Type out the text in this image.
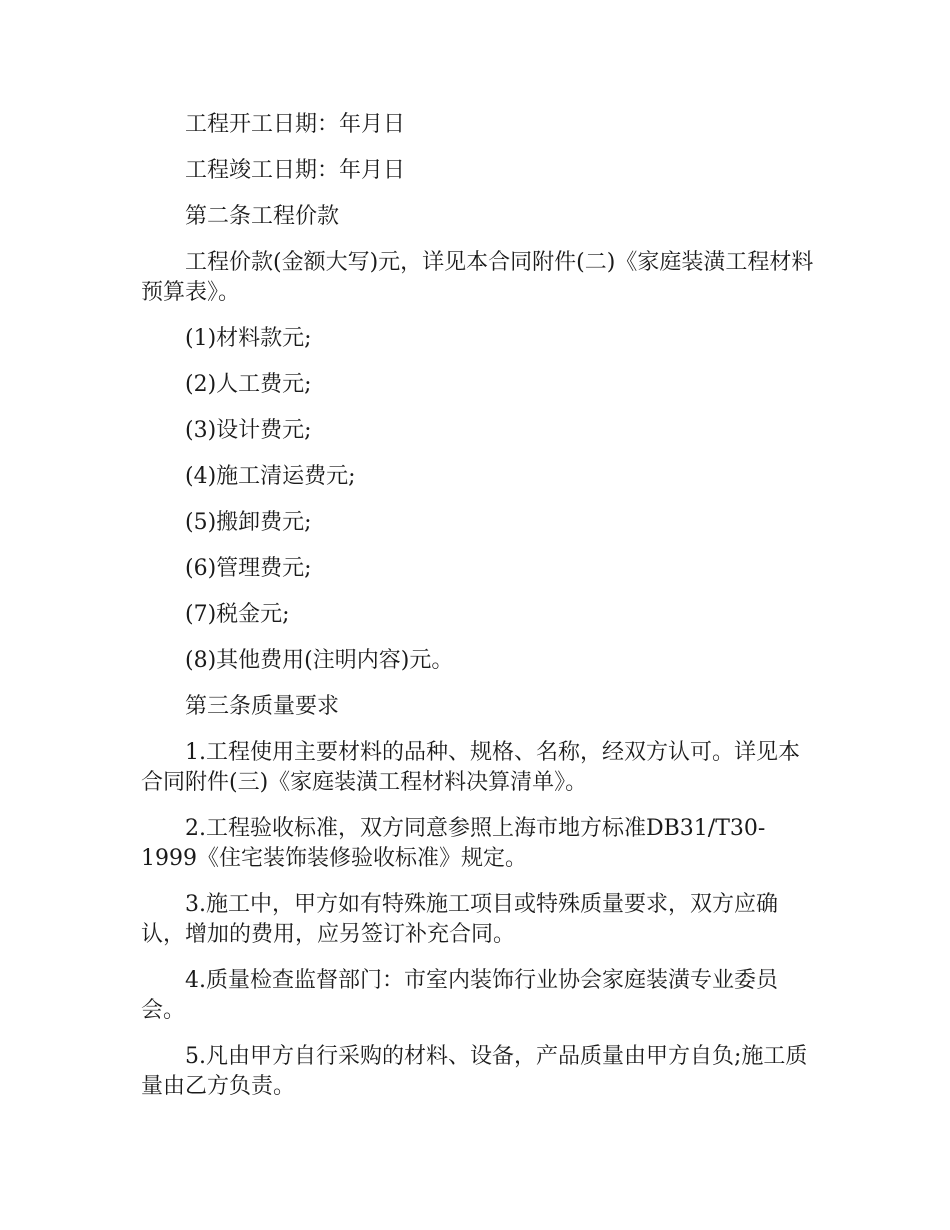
工程开工日期：年月日

工程竣工日期：年月日

第二条工程价款

工程价款(金额大写)元，详见本合同附件(二)《家庭装潢工程材料预算表》。

(1)材料款元;

(2)人工费元;

(3)设计费元;

(4)施工清运费元;

(5)搬卸费元;

(6)管理费元;

(7)税金元;

(8)其他费用(注明内容)元。

第三条质量要求

1.工程使用主要材料的品种、规格、名称，经双方认可。详见本合同附件(三)《家庭装潢工程材料决算清单》。

2.工程验收标准，双方同意参照上海市地方标准DB31/T30-1999《住宅装饰装修验收标准》规定。

3.施工中，甲方如有特殊施工项目或特殊质量要求，双方应确认，增加的费用，应另签订补充合同。

4.质量检查监督部门：市室内装饰行业协会家庭装潢专业委员会。

5.凡由甲方自行采购的材料、设备，产品质量由甲方自负;施工质量由乙方负责。
